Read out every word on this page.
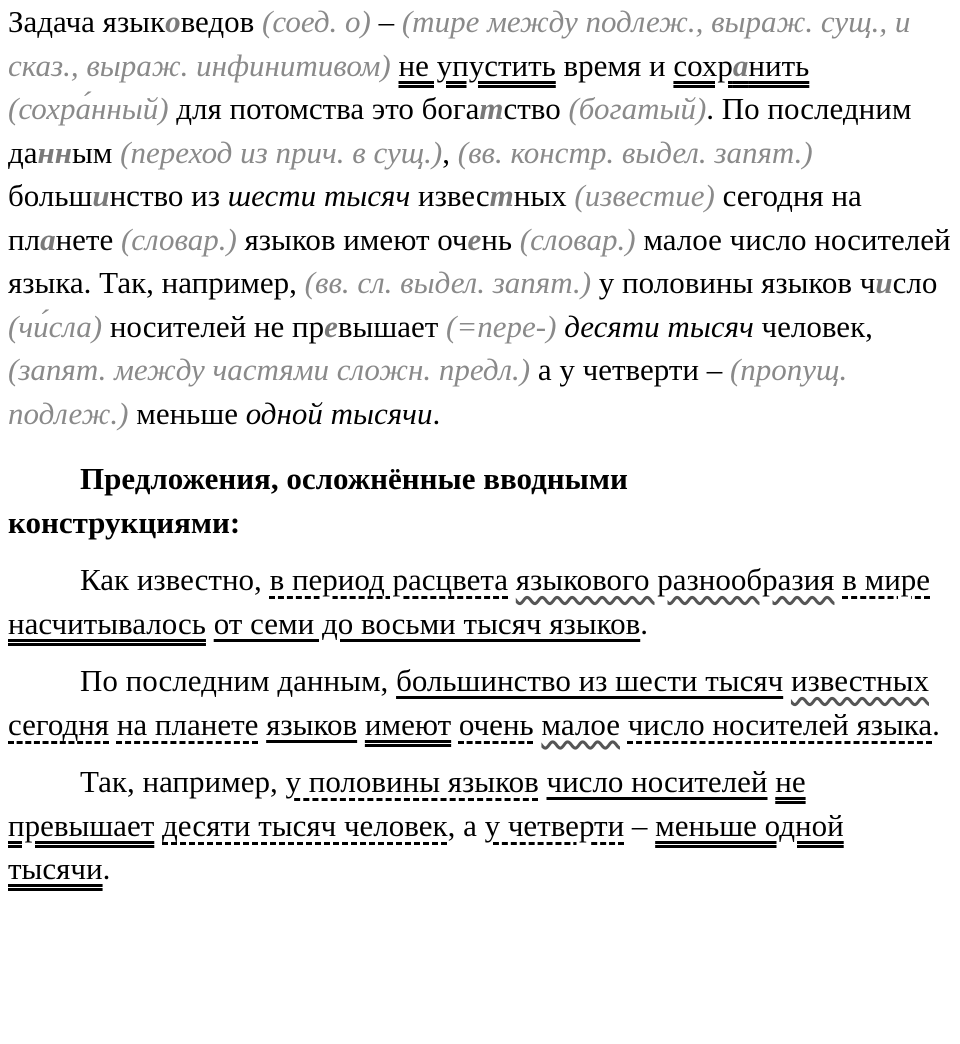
Задача языковедов (соед. о) – (тире между подлеж., выраж. сущ., и сказ., выраж. инфинитивом) не упустить время и сохранить (сохра́нный) для потомства это богатство (богатый). По последним данным (переход из прич. в сущ.), (вв. констр. выдел. запят.) большинство из шести тысяч известных (известие) сегодня на планете (словар.) языков имеют очень (словар.) малое число носителей языка. Так, например, (вв. сл. выдел. запят.) у половины языков число (чи́сла) носителей не превышает (=пере-) десяти тысяч человек, (запят. между частями сложн. предл.) а у четверти – (пропущ. подлеж.) меньше одной тысячи.

Предложения, осложнённые вводными

конструкциями:

Как известно, в период расцвета языкового разнообразия в мире насчитывалось от семи до восьми тысяч языков.

По последним данным, большинство из шести тысяч известных сегодня на планете языков имеют очень малое число носителей языка.

Так, например, у половины языков число носителей не превышает десяти тысяч человек, а у четверти – меньше одной тысячи.
